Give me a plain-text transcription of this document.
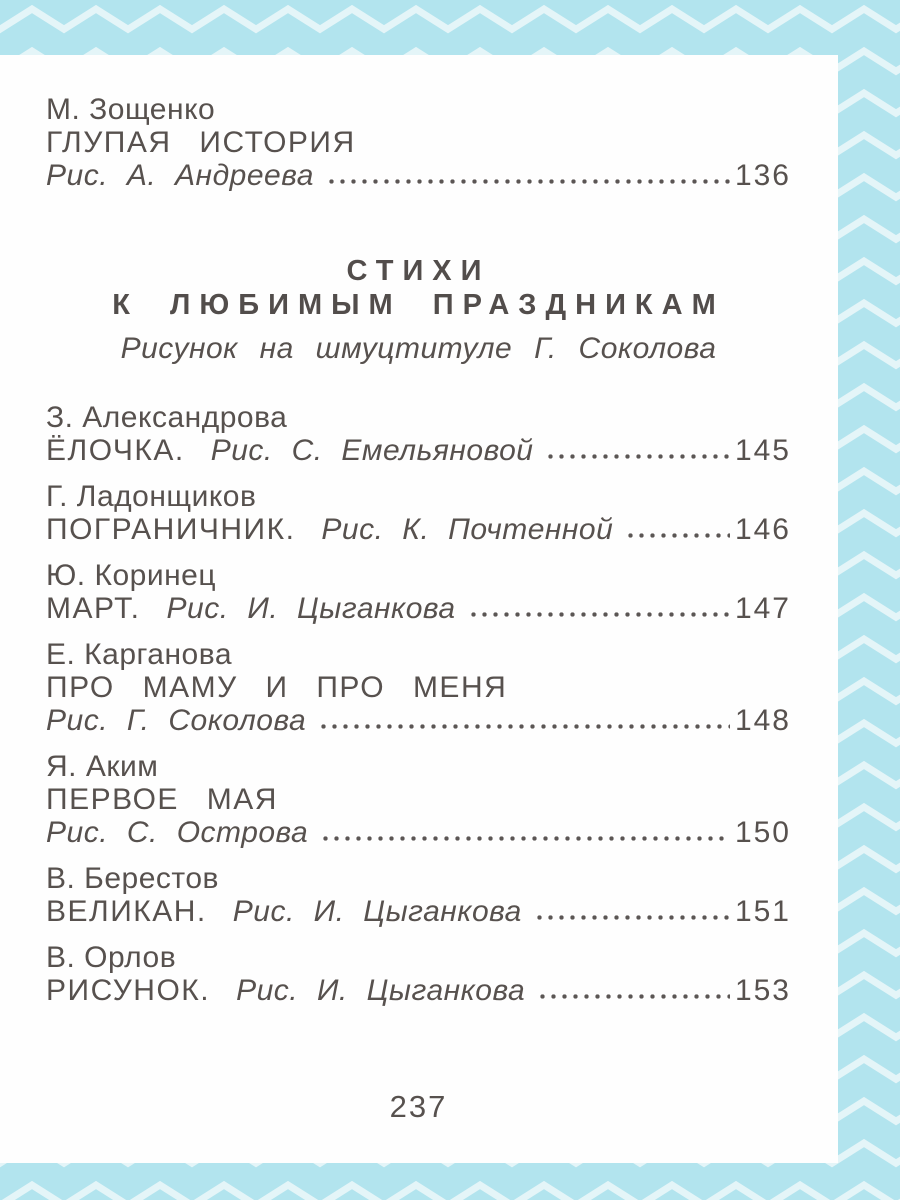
М. Зощенко
ГЛУПАЯ ИСТОРИЯ
Рис. А. Андреева	136
СТИХИ
К ЛЮБИМЫМ ПРАЗДНИКАМ
Рисунок на шмуцтитуле Г. Соколова
З. Александрова
ЁЛОЧКА. Рис. С. Емельяновой	145
Г. Ладонщиков
ПОГРАНИЧНИК. Рис. К. Почтенной	146
Ю. Коринец
МАРТ. Рис. И. Цыганкова	147
Е. Карганова
ПРО МАМУ И ПРО МЕНЯ
Рис. Г. Соколова	148
Я. Аким
ПЕРВОЕ МАЯ
Рис. С. Острова	150
В. Берестов
ВЕЛИКАН. Рис. И. Цыганкова	151
В. Орлов
РИСУНОК. Рис. И. Цыганкова	153
237
